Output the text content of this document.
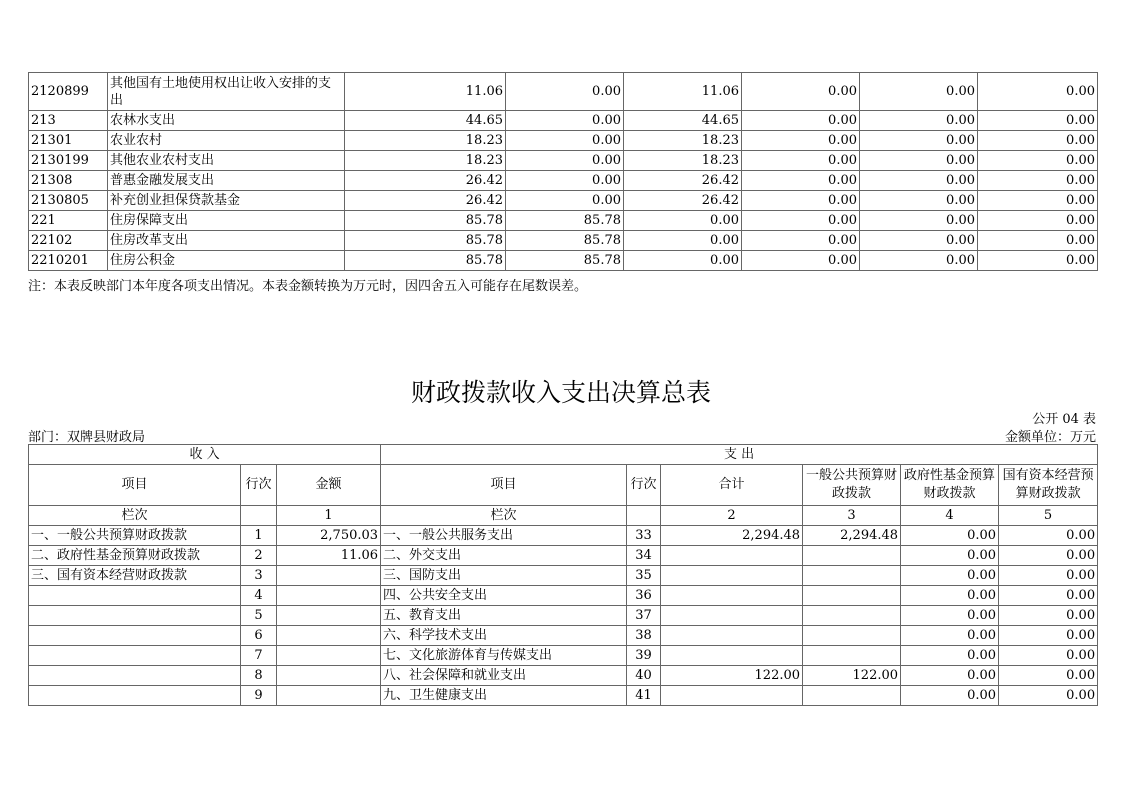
2120899	其他国有土地使用权出让收入安排的支出	11.06	0.00	11.06	0.00	0.00	0.00
213	农林水支出	44.65	0.00	44.65	0.00	0.00	0.00
21301	农业农村	18.23	0.00	18.23	0.00	0.00	0.00
2130199	其他农业农村支出	18.23	0.00	18.23	0.00	0.00	0.00
21308	普惠金融发展支出	26.42	0.00	26.42	0.00	0.00	0.00
2130805	补充创业担保贷款基金	26.42	0.00	26.42	0.00	0.00	0.00
221	住房保障支出	85.78	85.78	0.00	0.00	0.00	0.00
22102	住房改革支出	85.78	85.78	0.00	0.00	0.00	0.00
2210201	住房公积金	85.78	85.78	0.00	0.00	0.00	0.00
注：本表反映部门本年度各项支出情况。本表金额转换为万元时，因四舍五入可能存在尾数误差。
财政拨款收入支出决算总表
公开 04 表
部门：双牌县财政局	金额单位：万元
收 入			支 出					
项目	行次	金额	项目	行次	合计	一般公共预算财政拨款	政府性基金预算财政拨款	国有资本经营预算财政拨款
栏次		1	栏次		2	3	4	5
一、一般公共预算财政拨款	1	2,750.03	一、一般公共服务支出	33	2,294.48	2,294.48	0.00	0.00
二、政府性基金预算财政拨款	2	11.06	二、外交支出	34			0.00	0.00
三、国有资本经营财政拨款	3		三、国防支出	35			0.00	0.00
	4		四、公共安全支出	36			0.00	0.00
	5		五、教育支出	37			0.00	0.00
	6		六、科学技术支出	38			0.00	0.00
	7		七、文化旅游体育与传媒支出	39			0.00	0.00
	8		八、社会保障和就业支出	40	122.00	122.00	0.00	0.00
	9		九、卫生健康支出	41			0.00	0.00
